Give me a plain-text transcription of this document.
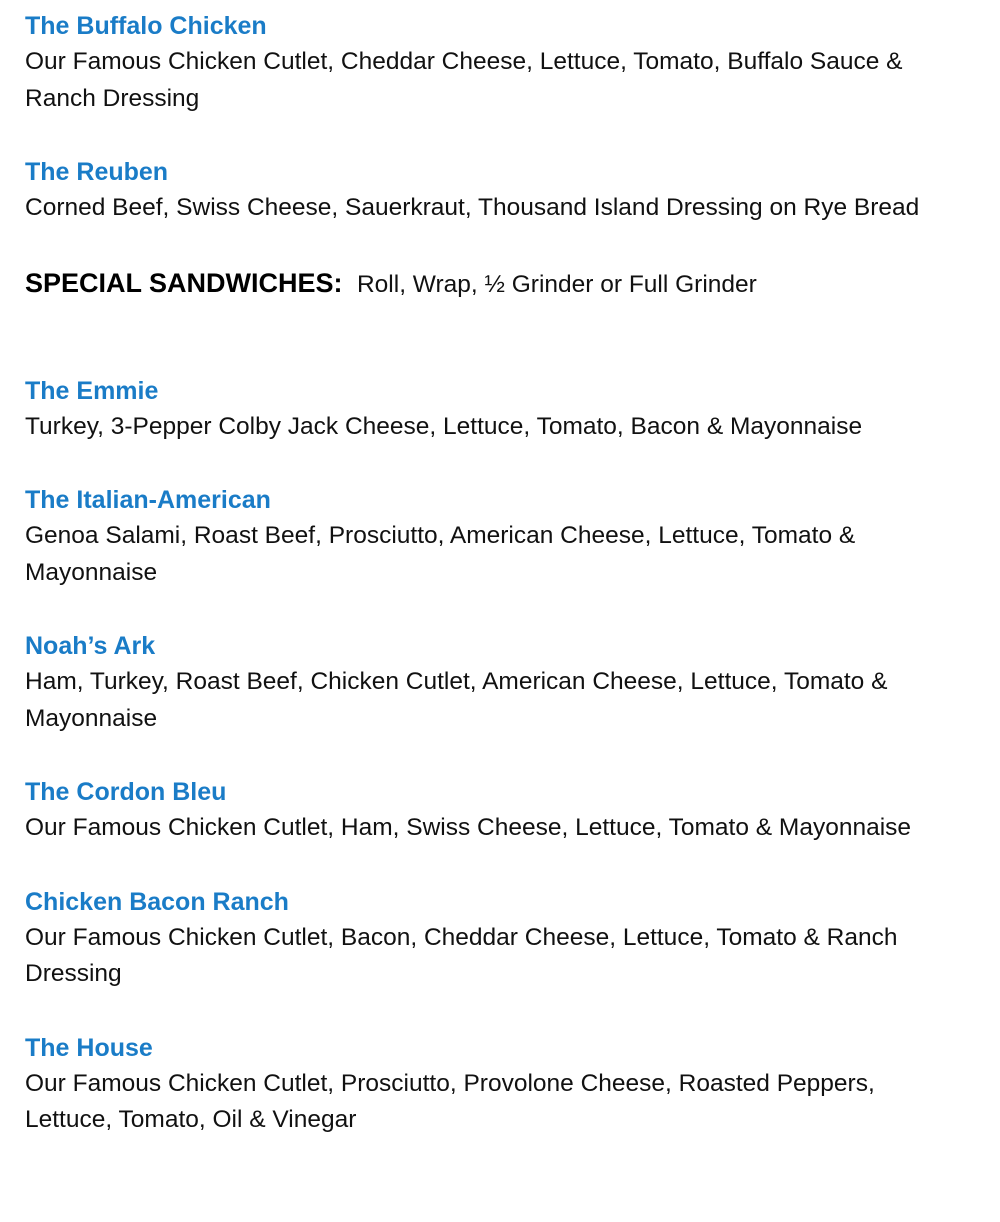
The Buffalo Chicken

Our Famous Chicken Cutlet, Cheddar Cheese, Lettuce, Tomato, Buffalo Sauce & Ranch Dressing

The Reuben

Corned Beef, Swiss Cheese, Sauerkraut, Thousand Island Dressing on Rye Bread

SPECIAL SANDWICHES: Roll, Wrap, ½ Grinder or Full Grinder

The Emmie

Turkey, 3-Pepper Colby Jack Cheese, Lettuce, Tomato, Bacon & Mayonnaise

The Italian-American

Genoa Salami, Roast Beef, Prosciutto, American Cheese, Lettuce, Tomato & Mayonnaise

Noah’s Ark

Ham, Turkey, Roast Beef, Chicken Cutlet, American Cheese, Lettuce, Tomato & Mayonnaise

The Cordon Bleu

Our Famous Chicken Cutlet, Ham, Swiss Cheese, Lettuce, Tomato & Mayonnaise

Chicken Bacon Ranch

Our Famous Chicken Cutlet, Bacon, Cheddar Cheese, Lettuce, Tomato & Ranch Dressing

The House

Our Famous Chicken Cutlet, Prosciutto, Provolone Cheese, Roasted Peppers, Lettuce, Tomato, Oil & Vinegar
